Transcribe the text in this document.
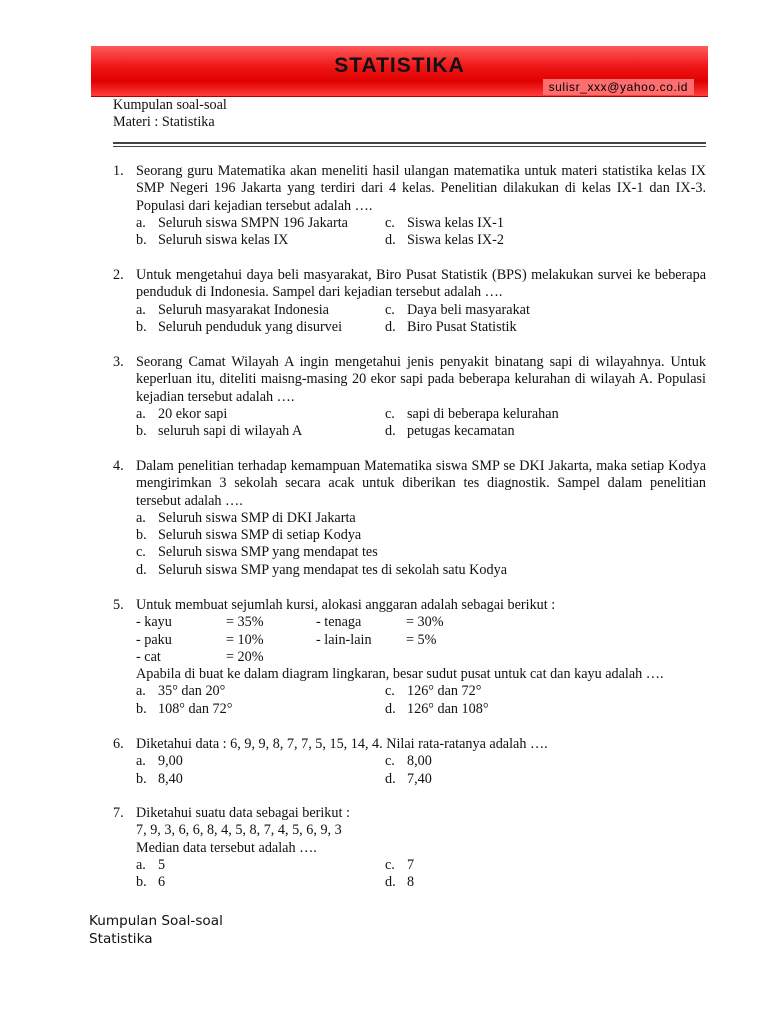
STATISTIKA
sulisr_xxx@yahoo.co.id
Kumpulan soal-soal
Materi : Statistika
1. Seorang guru Matematika akan meneliti hasil ulangan matematika untuk materi statistika kelas IX SMP Negeri 196 Jakarta yang terdiri dari 4 kelas. Penelitian dilakukan di kelas IX-1 dan IX-3. Populasi dari kejadian tersebut adalah ….
a. Seluruh siswa SMPN 196 Jakarta	c. Siswa kelas IX-1
b. Seluruh siswa kelas IX	d. Siswa kelas IX-2
2. Untuk mengetahui daya beli masyarakat, Biro Pusat Statistik (BPS) melakukan survei ke beberapa penduduk di Indonesia. Sampel dari kejadian tersebut adalah ….
a. Seluruh masyarakat Indonesia	c. Daya beli masyarakat
b. Seluruh penduduk yang disurvei	d. Biro Pusat Statistik
3. Seorang Camat Wilayah A ingin mengetahui jenis penyakit binatang sapi di wilayahnya. Untuk keperluan itu, diteliti maisng-masing 20 ekor sapi pada beberapa kelurahan di wilayah A. Populasi kejadian tersebut adalah ….
a. 20 ekor sapi	c. sapi di beberapa kelurahan
b. seluruh sapi di wilayah A	d. petugas kecamatan
4. Dalam penelitian terhadap kemampuan Matematika siswa SMP se DKI Jakarta, maka setiap Kodya mengirimkan 3 sekolah secara acak untuk diberikan tes diagnostik. Sampel dalam penelitian tersebut adalah ….
a. Seluruh siswa SMP di DKI Jakarta
b. Seluruh siswa SMP di setiap Kodya
c. Seluruh siswa SMP yang mendapat tes
d. Seluruh siswa SMP yang mendapat tes di sekolah satu Kodya
5. Untuk membuat sejumlah kursi, alokasi anggaran adalah sebagai berikut :
- kayu	= 35%	- tenaga	= 30%
- paku	= 10%	- lain-lain	= 5%
- cat	= 20%
Apabila di buat ke dalam diagram lingkaran, besar sudut pusat untuk cat dan kayu adalah ….
a. 35° dan 20°	c. 126° dan 72°
b. 108° dan 72°	d. 126° dan 108°
6. Diketahui data : 6, 9, 9, 8, 7, 7, 5, 15, 14, 4. Nilai rata-ratanya adalah ….
a. 9,00	c. 8,00
b. 8,40	d. 7,40
7. Diketahui suatu data sebagai berikut :
7, 9, 3, 6, 6, 8, 4, 5, 8, 7, 4, 5, 6, 9, 3
Median data tersebut adalah ….
a. 5	c. 7
b. 6	d. 8
Kumpulan Soal-soal
Statistika
